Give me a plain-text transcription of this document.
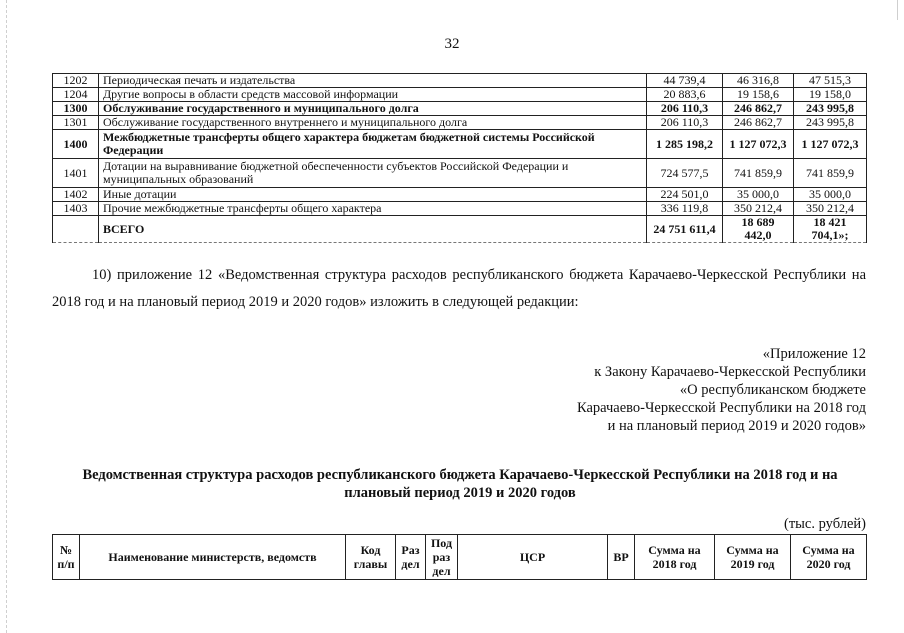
32
1202	Периодическая печать и издательства	44 739,4	46 316,8	47 515,3
1204	Другие вопросы в области средств массовой информации	20 883,6	19 158,6	19 158,0
1300	Обслуживание государственного и муниципального долга	206 110,3	246 862,7	243 995,8
1301	Обслуживание государственного внутреннего и муниципального долга	206 110,3	246 862,7	243 995,8
1400	Межбюджетные трансферты общего характера бюджетам бюджетной системы Российской Федерации	1 285 198,2	1 127 072,3	1 127 072,3
1401	Дотации на выравнивание бюджетной обеспеченности субъектов Российской Федерации и муниципальных образований	724 577,5	741 859,9	741 859,9
1402	Иные дотации	224 501,0	35 000,0	35 000,0
1403	Прочие межбюджетные трансферты общего характера	336 119,8	350 212,4	350 212,4
	ВСЕГО	24 751 611,4	18 689 442,0	18 421 704,1»;

10) приложение 12 «Ведомственная структура расходов республиканского бюджета Карачаево-Черкесской Республики на 2018 год и на плановый период 2019 и 2020 годов» изложить в следующей редакции:

«Приложение 12
к Закону Карачаево-Черкесской Республики
«О республиканском бюджете
Карачаево-Черкесской Республики на 2018 год
и на плановый период 2019 и 2020 годов»
Ведомственная структура расходов республиканского бюджета Карачаево-Черкесской Республики на 2018 год и на плановый период 2019 и 2020 годов
(тыс. рублей)
№ п/п	Наименование министерств, ведомств	Код главы	Раз дел	Под раз дел	ЦСР	ВР	Сумма на 2018 год	Сумма на 2019 год	Сумма на 2020 год
